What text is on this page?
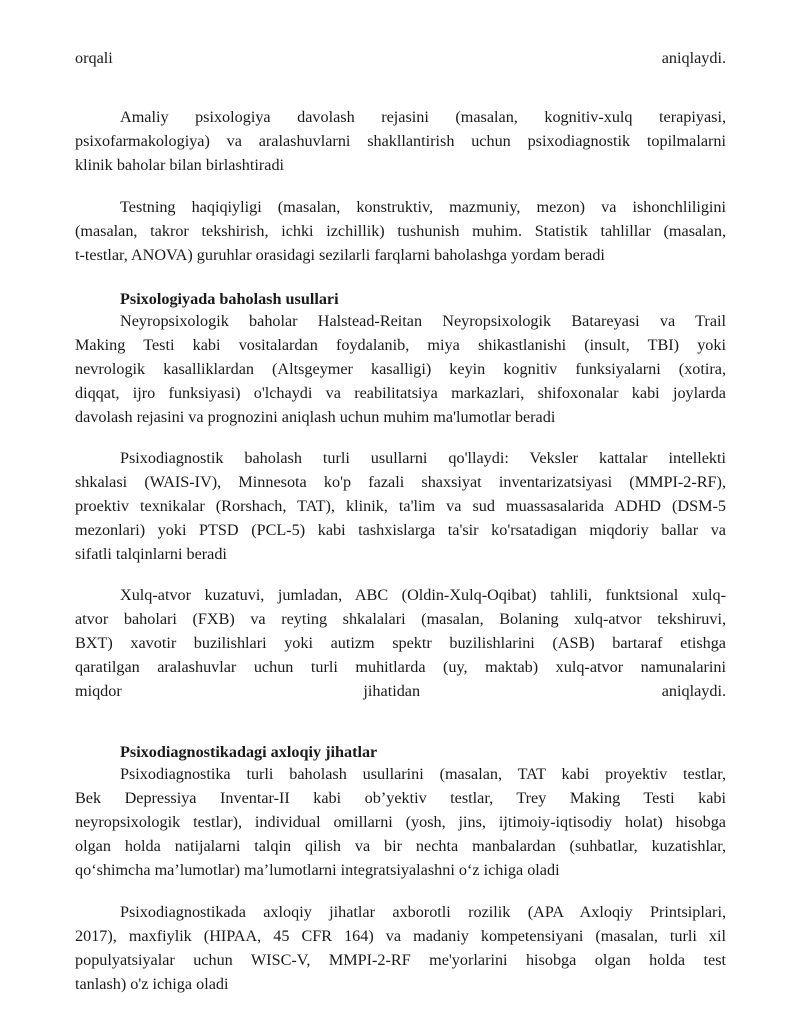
orqali	aniqlaydi.
Amaliy psixologiya davolash rejasini (masalan, kognitiv-xulq terapiyasi,
psixofarmakologiya) va aralashuvlarni shakllantirish uchun psixodiagnostik topilmalarni
klinik baholar bilan birlashtiradi
Testning haqiqiyligi (masalan, konstruktiv, mazmuniy, mezon) va ishonchliligini
(masalan, takror tekshirish, ichki izchillik) tushunish muhim. Statistik tahlillar (masalan,
t-testlar, ANOVA) guruhlar orasidagi sezilarli farqlarni baholashga yordam beradi
Psixologiyada baholash usullari
Neyropsixologik baholar Halstead-Reitan Neyropsixologik Batareyasi va Trail
Making Testi kabi vositalardan foydalanib, miya shikastlanishi (insult, TBI) yoki
nevrologik kasalliklardan (Altsgeymer kasalligi) keyin kognitiv funksiyalarni (xotira,
diqqat, ijro funksiyasi) o'lchaydi va reabilitatsiya markazlari, shifoxonalar kabi joylarda
davolash rejasini va prognozini aniqlash uchun muhim ma'lumotlar beradi
Psixodiagnostik baholash turli usullarni qo'llaydi: Veksler kattalar intellekti
shkalasi (WAIS-IV), Minnesota ko'p fazali shaxsiyat inventarizatsiyasi (MMPI-2-RF),
proektiv texnikalar (Rorshach, TAT), klinik, ta'lim va sud muassasalarida ADHD (DSM-5
mezonlari) yoki PTSD (PCL-5) kabi tashxislarga ta'sir ko'rsatadigan miqdoriy ballar va
sifatli talqinlarni beradi
Xulq-atvor kuzatuvi, jumladan, ABC (Oldin-Xulq-Oqibat) tahlili, funktsional xulq-
atvor baholari (FXB) va reyting shkalalari (masalan, Bolaning xulq-atvor tekshiruvi,
BXT) xavotir buzilishlari yoki autizm spektr buzilishlarini (ASB) bartaraf etishga
qaratilgan aralashuvlar uchun turli muhitlarda (uy, maktab) xulq-atvor namunalarini
miqdor	jihatidan	aniqlaydi.
Psixodiagnostikadagi axloqiy jihatlar
Psixodiagnostika turli baholash usullarini (masalan, TAT kabi proyektiv testlar,
Bek Depressiya Inventar-II kabi ob’yektiv testlar, Trey Making Testi kabi
neyropsixologik testlar), individual omillarni (yosh, jins, ijtimoiy-iqtisodiy holat) hisobga
olgan holda natijalarni talqin qilish va bir nechta manbalardan (suhbatlar, kuzatishlar,
qo‘shimcha ma’lumotlar) ma’lumotlarni integratsiyalashni o‘z ichiga oladi
Psixodiagnostikada axloqiy jihatlar axborotli rozilik (APA Axloqiy Printsiplari,
2017), maxfiylik (HIPAA, 45 CFR 164) va madaniy kompetensiyani (masalan, turli xil
populyatsiyalar uchun WISC-V, MMPI-2-RF me'yorlarini hisobga olgan holda test
tanlash) o'z ichiga oladi
